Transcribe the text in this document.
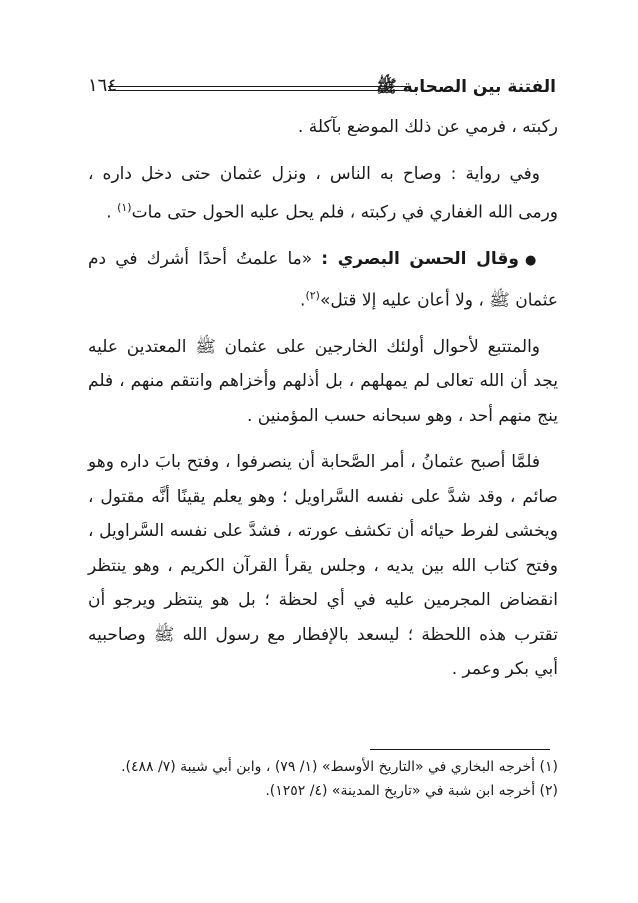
الفتنة بين الصحابة ﷺ
١٦٤

ركبته ، فرمي عن ذلك الموضع بآكلة .

وفي رواية : وصاح به الناس ، ونزل عثمان حتى دخل داره ، ورمى الله الغفاري في ركبته ، فلم يحل عليه الحول حتى مات$^{(١)}$ .

●وقال الحسن البصري : «ما علمتُ أحدًا أشرك في دم عثمان ﷺ ، ولا أعان عليه إلا قتل»$^{(٢)}$.

والمتتبع لأحوال أولئك الخارجين على عثمان ﷺ المعتدين عليه يجد أن الله تعالى لم يمهلهم ، بل أذلهم وأخزاهم وانتقم منهم ، فلم ينج منهم أحد ، وهو سبحانه حسب المؤمنين .

فلمَّا أصبح عثمانُ ، أمر الصَّحابة أن ينصرفوا ، وفتح بابَ داره وهو صائم ، وقد شدَّ على نفسه السَّراويل ؛ وهو يعلم يقينًا أنَّه مقتول ، ويخشى لفرط حيائه أن تكشف عورته ، فشدَّ على نفسه السَّراويل ، وفتح كتاب الله بين يديه ، وجلس يقرأ القرآن الكريم ، وهو ينتظر انقضاض المجرمين عليه في أي لحظة ؛ بل هو ينتظر ويرجو أن تقترب هذه اللحظة ؛ ليسعد بالإفطار مع رسول الله ﷺ وصاحبيه أبي بكر وعمر .

(١) أخرجه البخاري في «التاريخ الأوسط» (١/ ٧٩) ، وابن أبي شيبة (٧/ ٤٨٨).
(٢) أخرجه ابن شبة في «تاريخ المدينة» (٤/ ١٢٥٢).
